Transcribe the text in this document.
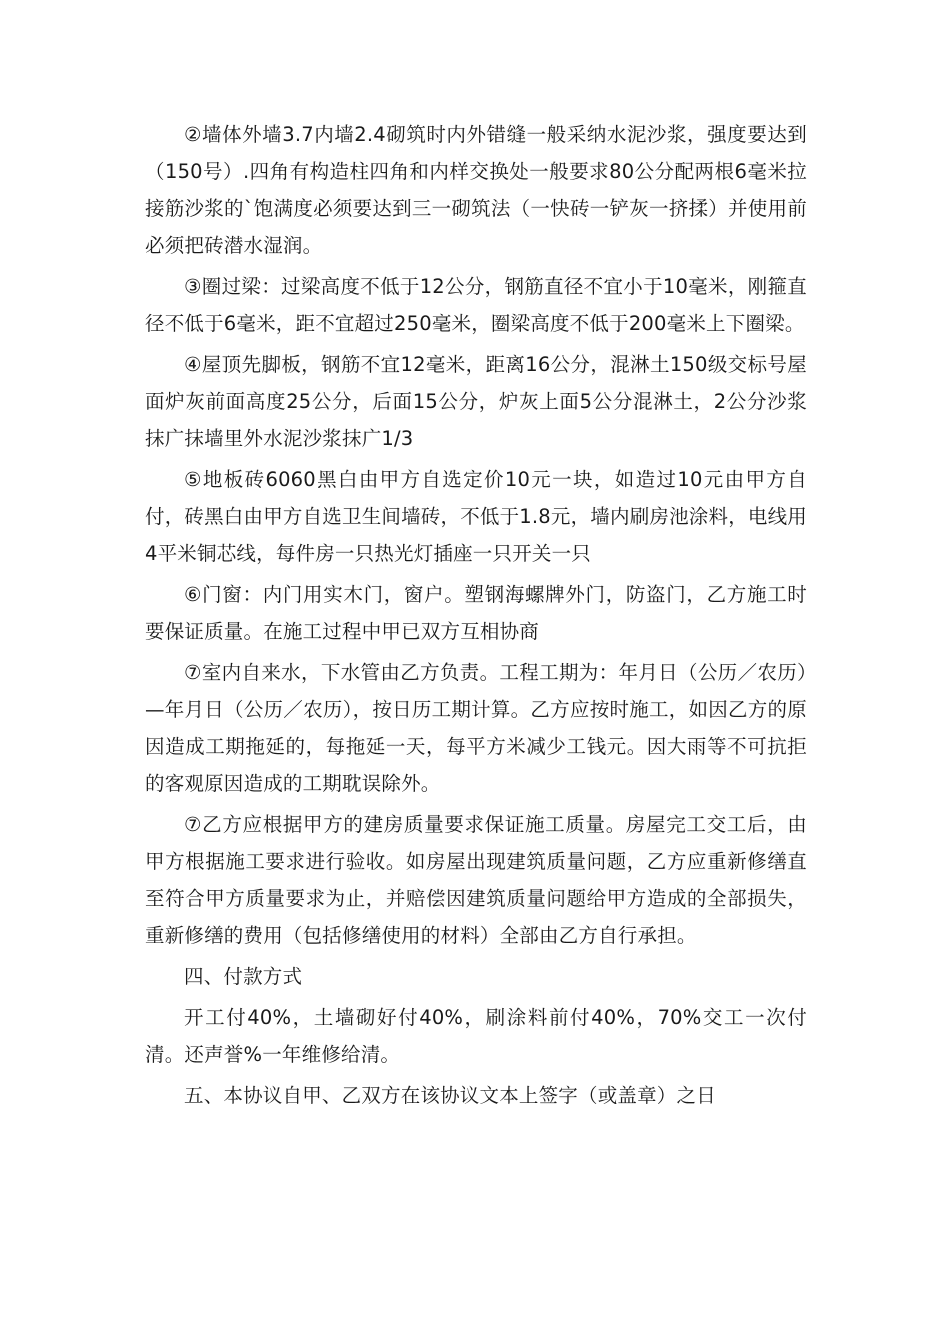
②墙体外墙3.7内墙2.4砌筑时内外错缝一般采纳水泥沙浆，强度要达到（150号）.四角有构造柱四角和内样交换处一般要求80公分配两根6毫米拉接筋沙浆的`饱满度必须要达到三一砌筑法（一快砖一铲灰一挤揉）并使用前必须把砖潜水湿润。

③圈过梁：过梁高度不低于12公分，钢筋直径不宜小于10毫米，刚箍直径不低于6毫米，距不宜超过250毫米，圈梁高度不低于200毫米上下圈梁。

④屋顶先脚板，钢筋不宜12毫米，距离16公分，混淋土150级交标号屋面炉灰前面高度25公分，后面15公分，炉灰上面5公分混淋土，2公分沙浆抹广抹墙里外水泥沙浆抹广1/3

⑤地板砖6060黑白由甲方自选定价10元一块，如造过10元由甲方自付，砖黑白由甲方自选卫生间墙砖，不低于1.8元，墙内刷房池涂料，电线用4平米铜芯线，每件房一只热光灯插座一只开关一只

⑥门窗：内门用实木门，窗户。塑钢海螺牌外门，防盗门，乙方施工时要保证质量。在施工过程中甲已双方互相协商

⑦室内自来水，下水管由乙方负责。工程工期为：年月日（公历／农历）—年月日（公历／农历），按日历工期计算。乙方应按时施工，如因乙方的原因造成工期拖延的，每拖延一天，每平方米减少工钱元。因大雨等不可抗拒的客观原因造成的工期耽误除外。

⑦乙方应根据甲方的建房质量要求保证施工质量。房屋完工交工后，由甲方根据施工要求进行验收。如房屋出现建筑质量问题，乙方应重新修缮直至符合甲方质量要求为止，并赔偿因建筑质量问题给甲方造成的全部损失，重新修缮的费用（包括修缮使用的材料）全部由乙方自行承担。

四、付款方式

开工付40%，土墙砌好付40%，刷涂料前付40%，70%交工一次付清。还声誉%一年维修给清。

五、本协议自甲、乙双方在该协议文本上签字（或盖章）之日
